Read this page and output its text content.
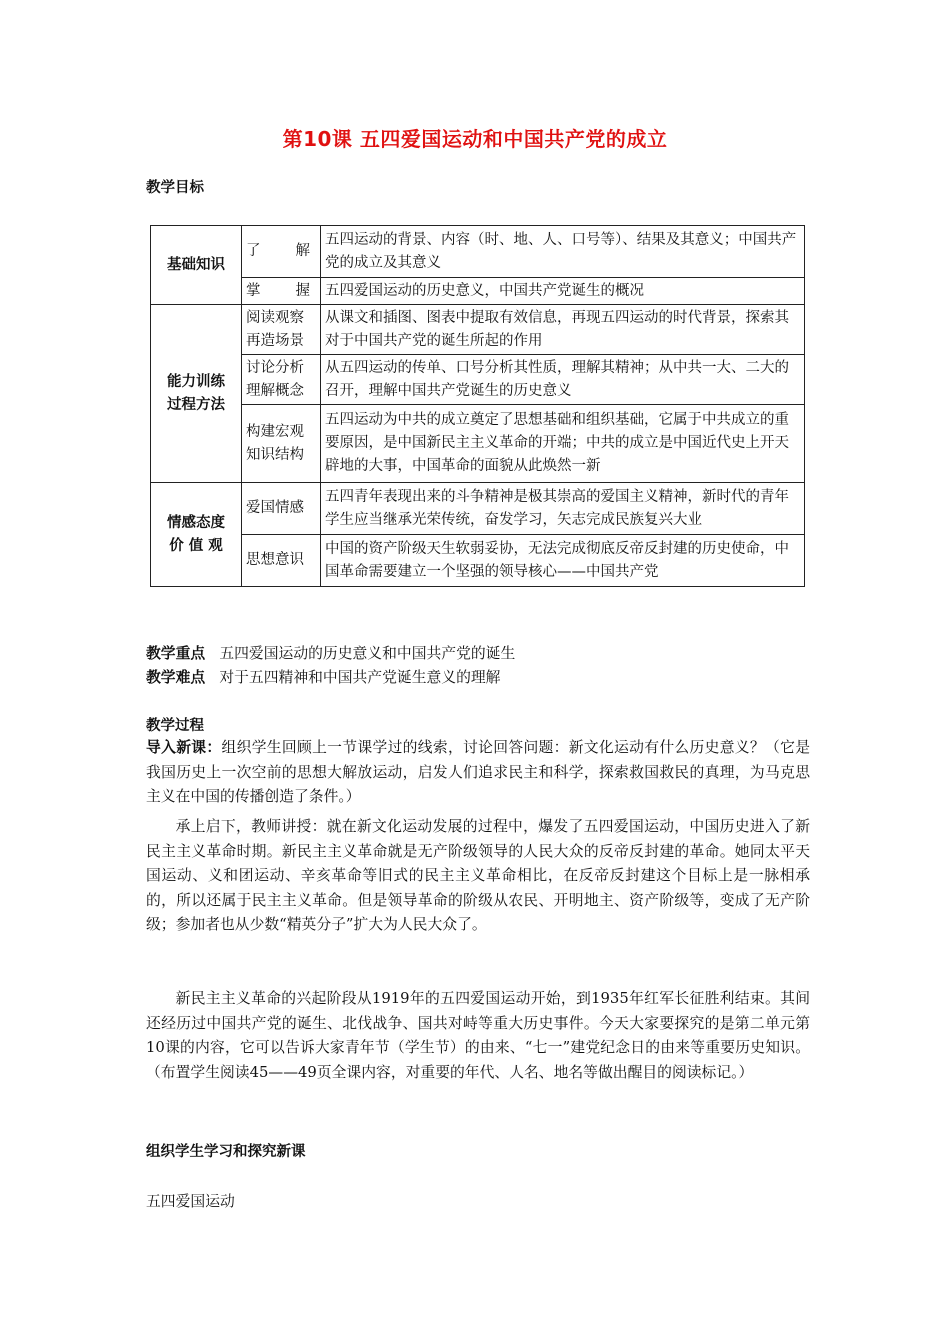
第10课 五四爱国运动和中国共产党的成立
教学目标
基础知识	了 解	五四运动的背景、内容（时、地、人、口号等）、结果及其意义；中国共产党的成立及其意义

	掌 握	五四爱国运动的历史意义，中国共产党诞生的概况

能力训练
过程方法	阅读观察再造场景	从课文和插图、图表中提取有效信息，再现五四运动的时代背景，探索其对于中国共产党的诞生所起的作用
	讨论分析理解概念	从五四运动的传单、口号分析其性质，理解其精神；从中共一大、二大的召开，理解中国共产党诞生的历史意义
	构建宏观知识结构	五四运动为中共的成立奠定了思想基础和组织基础，它属于中共成立的重要原因，是中国新民主主义革命的开端；中共的成立是中国近代史上开天辟地的大事，中国革命的面貌从此焕然一新

情感态度
价 值 观	爱国情感	五四青年表现出来的斗争精神是极其崇高的爱国主义精神，新时代的青年学生应当继承光荣传统，奋发学习，矢志完成民族复兴大业
	思想意识	中国的资产阶级天生软弱妥协，无法完成彻底反帝反封建的历史使命，中国革命需要建立一个坚强的领导核心——中国共产党
教学重点 五四爱国运动的历史意义和中国共产党的诞生
教学难点 对于五四精神和中国共产党诞生意义的理解
教学过程
导入新课：组织学生回顾上一节课学过的线索，讨论回答问题：新文化运动有什么历史意义？（它是我国历史上一次空前的思想大解放运动，启发人们追求民主和科学，探索救国救民的真理，为马克思主义在中国的传播创造了条件。）
承上启下，教师讲授：就在新文化运动发展的过程中，爆发了五四爱国运动，中国历史进入了新民主主义革命时期。新民主主义革命就是无产阶级领导的人民大众的反帝反封建的革命。她同太平天国运动、义和团运动、辛亥革命等旧式的民主主义革命相比，在反帝反封建这个目标上是一脉相承的，所以还属于民主主义革命。但是领导革命的阶级从农民、开明地主、资产阶级等，变成了无产阶级；参加者也从少数“精英分子”扩大为人民大众了。
新民主主义革命的兴起阶段从1919年的五四爱国运动开始，到1935年红军长征胜利结束。其间还经历过中国共产党的诞生、北伐战争、国共对峙等重大历史事件。今天大家要探究的是第二单元第10课的内容，它可以告诉大家青年节（学生节）的由来、“七一”建党纪念日的由来等重要历史知识。（布置学生阅读45——49页全课内容，对重要的年代、人名、地名等做出醒目的阅读标记。）
组织学生学习和探究新课
五四爱国运动
